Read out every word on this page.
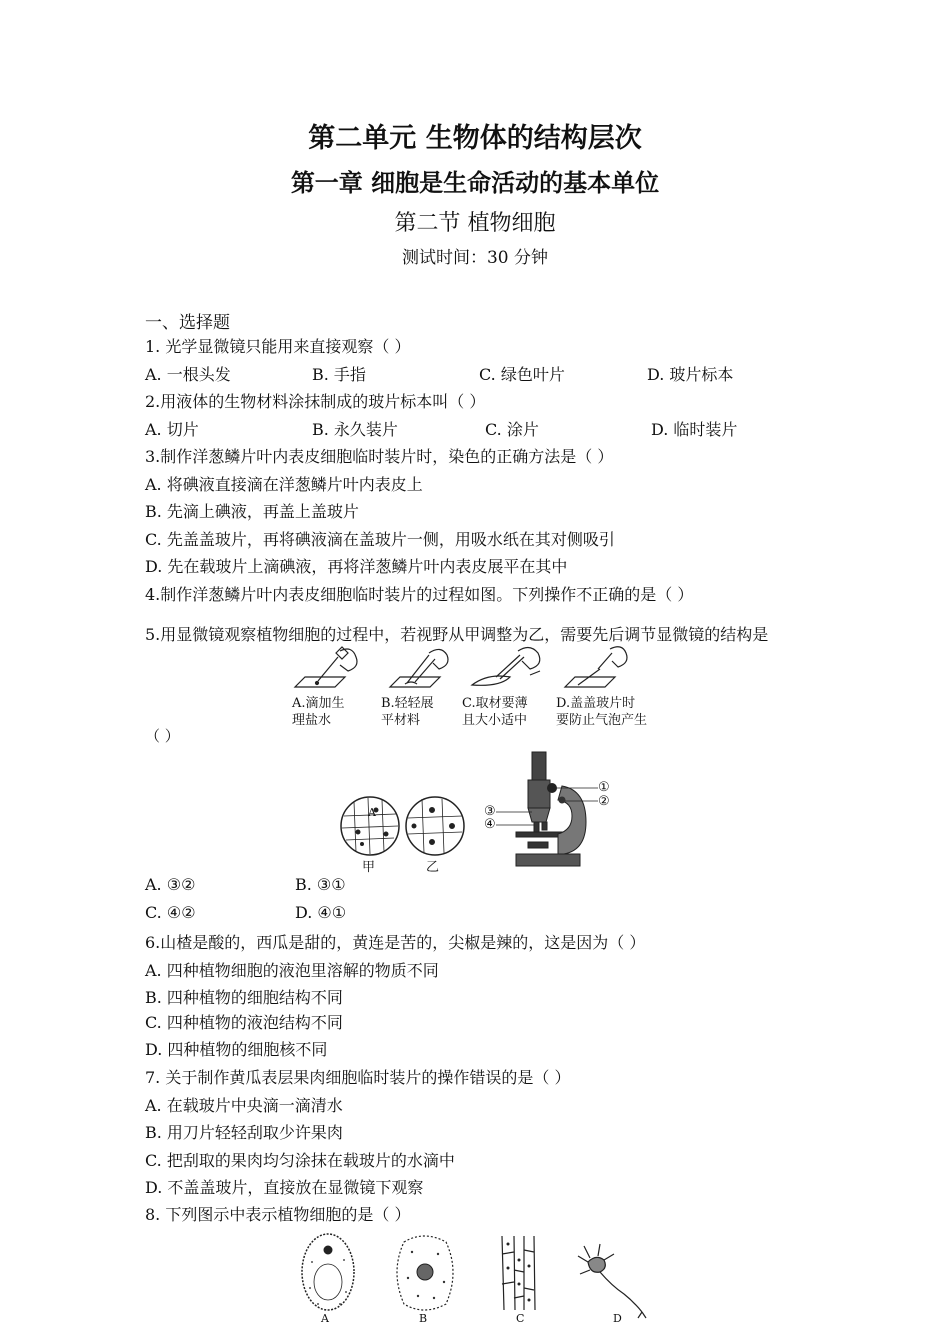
第二单元 生物体的结构层次
第一章 细胞是生命活动的基本单位
第二节 植物细胞
测试时间：30 分钟
一、选择题
1. 光学显微镜只能用来直接观察（ ）
A. 一根头发	B. 手指	C. 绿色叶片	D. 玻片标本
2.用液体的生物材料涂抹制成的玻片标本叫（ ）
A. 切片	B. 永久装片	C. 涂片	D. 临时装片
3.制作洋葱鳞片叶内表皮细胞临时装片时，染色的正确方法是（ ）
A. 将碘液直接滴在洋葱鳞片叶内表皮上
B. 先滴上碘液，再盖上盖玻片
C. 先盖盖玻片，再将碘液滴在盖玻片一侧，用吸水纸在其对侧吸引
D. 先在载玻片上滴碘液，再将洋葱鳞片叶内表皮展平在其中
4.制作洋葱鳞片叶内表皮细胞临时装片的过程如图。下列操作不正确的是（ ）
5.用显微镜观察植物细胞的过程中，若视野从甲调整为乙，需要先后调节显微镜的结构是
A.滴加生
理盐水
B.轻轻展
平材料
C.取材要薄
且大小适中
D.盖盖玻片时
要防止气泡产生
（ ）
A
甲	乙
①
②
③
④
A. ③②	B. ③①
C. ④②	D. ④①
6.山楂是酸的，西瓜是甜的，黄连是苦的，尖椒是辣的，这是因为（ ）
A. 四种植物细胞的液泡里溶解的物质不同
B. 四种植物的细胞结构不同
C. 四种植物的液泡结构不同
D. 四种植物的细胞核不同
7. 关于制作黄瓜表层果肉细胞临时装片的操作错误的是（ ）
A. 在载玻片中央滴一滴清水
B. 用刀片轻轻刮取少许果肉
C. 把刮取的果肉均匀涂抹在载玻片的水滴中
D. 不盖盖玻片，直接放在显微镜下观察
8. 下列图示中表示植物细胞的是（ ）
A	B	C	D
